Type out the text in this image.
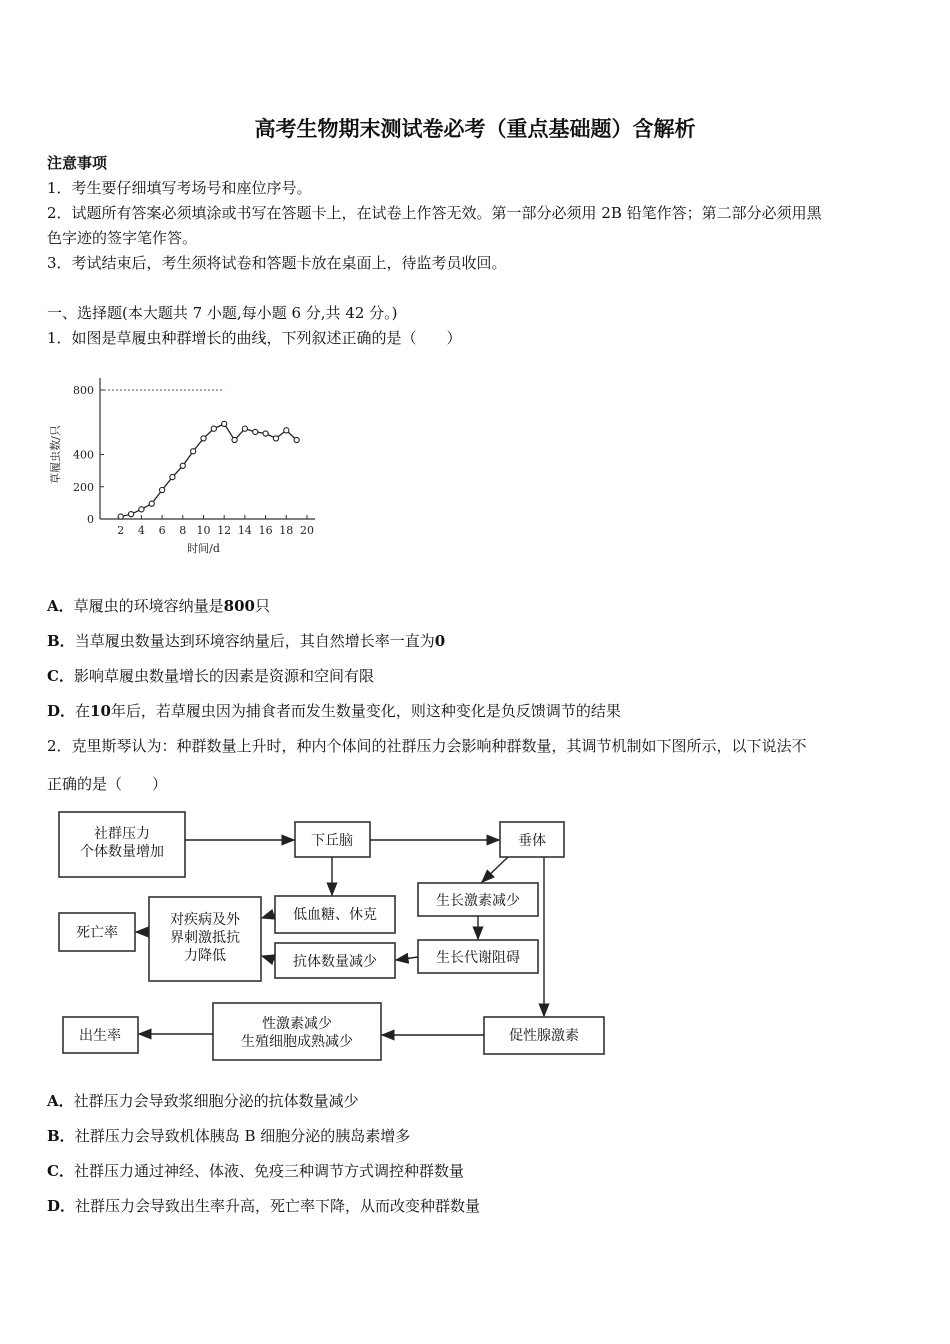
高考生物期末测试卷必考（重点基础题）含解析
注意事项
1．考生要仔细填写考场号和座位序号。
2．试题所有答案必须填涂或书写在答题卡上，在试卷上作答无效。第一部分必须用 2B 铅笔作答；第二部分必须用黑
色字迹的签字笔作答。
3．考试结束后，考生须将试卷和答题卡放在桌面上，待监考员收回。
一、选择题(本大题共 7 小题,每小题 6 分,共 42 分。)
1．如图是草履虫种群增长的曲线，下列叙述正确的是（　　）
0
200
400
800
2 4 6 8 10 12 14 16 18 20
时间/d
草履虫数/只
A．草履虫的环境容纳量是800只
B．当草履虫数量达到环境容纳量后，其自然增长率一直为0
C．影响草履虫数量增长的因素是资源和空间有限
D．在10年后，若草履虫因为捕食者而发生数量变化，则这种变化是负反馈调节的结果
2．克里斯琴认为：种群数量上升时，种内个体间的社群压力会影响种群数量，其调节机制如下图所示，以下说法不
正确的是（　　）
社群压力
个体数量增加
下丘脑	垂体
生长激素减少
生长代谢阻碍
低血糖、休克
抗体数量减少
对疾病及外
界刺激抵抗
力降低
死亡率
促性腺激素
性激素减少
生殖细胞成熟减少
出生率
A．社群压力会导致浆细胞分泌的抗体数量减少
B．社群压力会导致机体胰岛 B 细胞分泌的胰岛素增多
C．社群压力通过神经、体液、免疫三种调节方式调控种群数量
D．社群压力会导致出生率升高，死亡率下降，从而改变种群数量
